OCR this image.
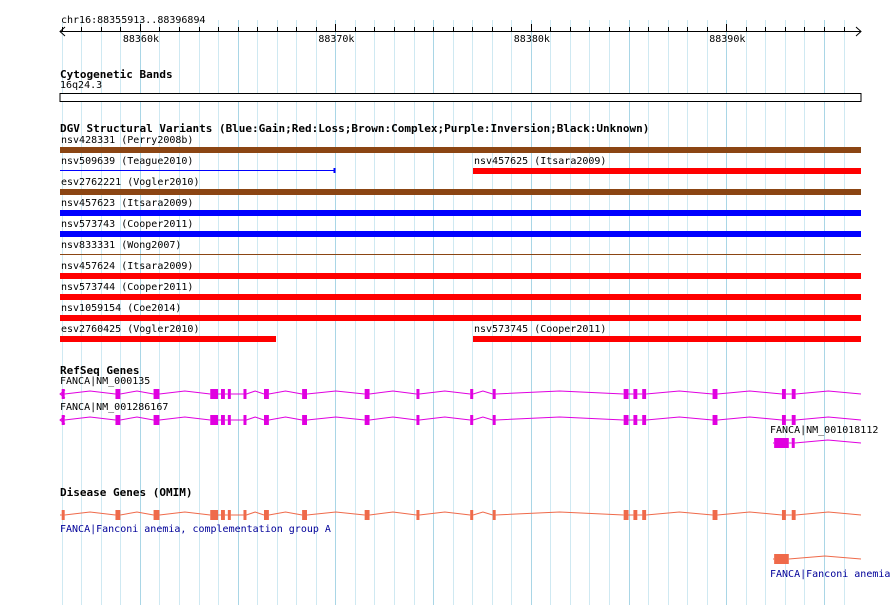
chr16:88355913..88396894
88360k	88370k	88380k	88390k
Cytogenetic Bands
16q24.3
DGV Structural Variants (Blue:Gain;Red:Loss;Brown:Complex;Purple:Inversion;Black:Unknown)
nsv428331 (Perry2008b)
nsv509639 (Teague2010)	nsv457625 (Itsara2009)
esv2762221 (Vogler2010)
nsv457623 (Itsara2009)
nsv573743 (Cooper2011)
nsv833331 (Wong2007)
nsv457624 (Itsara2009)
nsv573744 (Cooper2011)
nsv1059154 (Coe2014)
esv2760425 (Vogler2010)	nsv573745 (Cooper2011)
RefSeq Genes
FANCA|NM_000135
FANCA|NM_001286167
FANCA|NM_001018112
Disease Genes (OMIM)
FANCA|Fanconi anemia, complementation group A
FANCA|Fanconi anemia
